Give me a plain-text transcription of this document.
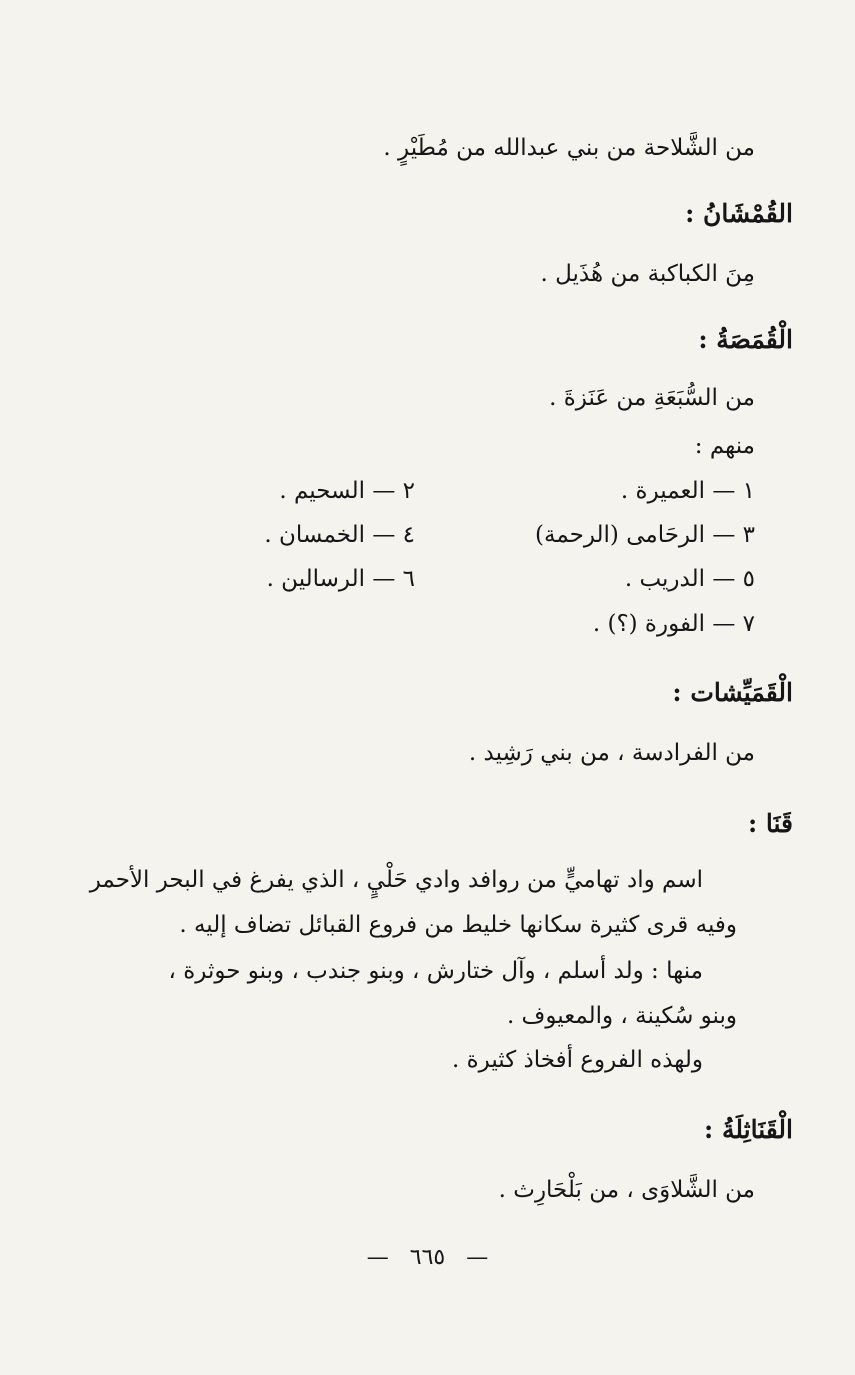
من الشَّلاحة من بني عبدالله من مُطَيْرٍ .
القُمْشَانُ :
مِنَ الكباكبة من هُذَيل .
الْقُمَصَةُ :
من السُّبَعَةِ من عَنَزةَ .
منهم :
١ — العميرة .
٣ — الرحَامى (الرحمة)
٥ — الدريب .
٧ — الفورة (؟) .
٢ — السحيم .
٤ — الخمسان .
٦ — الرسالين .
الْقَمَيِّشات :
من الفرادسة ، من بني رَشِيد .
قَنَا :
اسم واد تهاميٍّ من روافد وادي حَلْيٍ ، الذي يفرغ في البحر الأحمر
وفيه قرى كثيرة سكانها خليط من فروع القبائل تضاف إليه .
منها : ولد أسلم ، وآل ختارش ، وبنو جندب ، وبنو حوثرة ،
وبنو سُكينة ، والمعيوف .
ولهذه الفروع أفخاذ كثيرة .
الْقَنَاثِلَةُ :
من الشَّلاوَى ، من بَلْحَارِث .
— ٦٦٥ —
